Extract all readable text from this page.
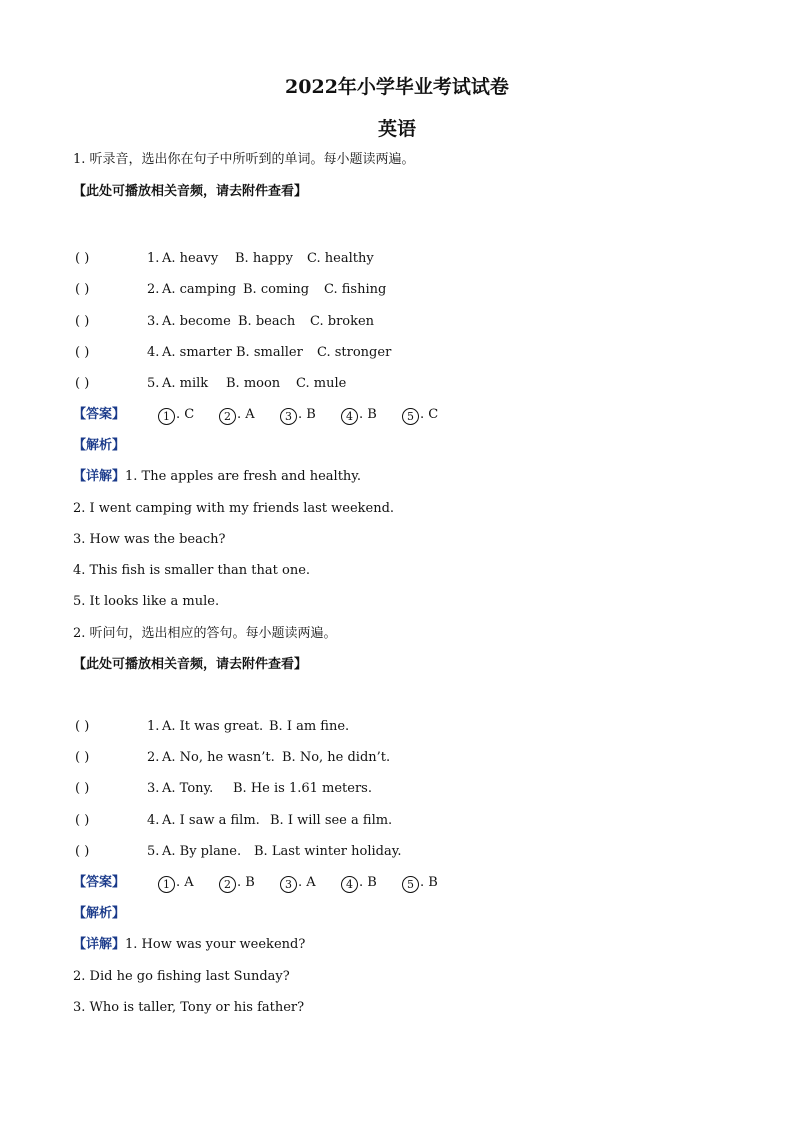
2022年小学毕业考试试卷
英语
1. 听录音，选出你在句子中所听到的单词。每小题读两遍。
【此处可播放相关音频，请去附件查看】
( )	1. A. heavy B. happy C. healthy
( )	2. A. camping B. coming C. fishing
( )	3. A. become B. beach C. broken
( )	4. A. smarter B. smaller C. stronger
( )	5. A. milk B. moon C. mule
【答案】	1 . C	2 . A	3 . B	4 . B	5 . C
【解析】
【详解】1. The apples are fresh and healthy.
2. I went camping with my friends last weekend.
3. How was the beach?
4. This fish is smaller than that one.
5. It looks like a mule.
2. 听问句，选出相应的答句。每小题读两遍。
【此处可播放相关音频，请去附件查看】
( )	1. A. It was great. B. I am fine.
( )	2. A. No, he wasn’t. B. No, he didn’t.
( )	3. A. Tony. B. He is 1.61 meters.
( )	4. A. I saw a film. B. I will see a film.
( )	5. A. By plane. B. Last winter holiday.
【答案】	1 . A	2 . B	3 . A	4 . B	5 . B
【解析】
【详解】1. How was your weekend?
2. Did he go fishing last Sunday?
3. Who is taller, Tony or his father?
